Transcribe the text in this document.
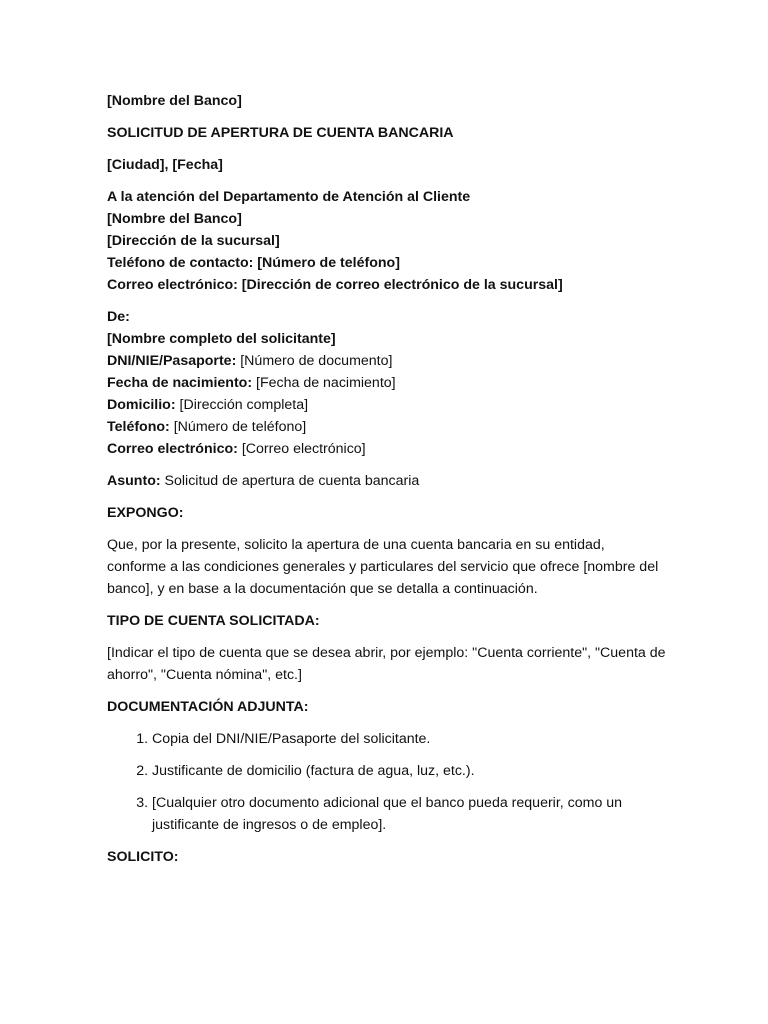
[Nombre del Banco]

SOLICITUD DE APERTURA DE CUENTA BANCARIA

[Ciudad], [Fecha]

A la atención del Departamento de Atención al Cliente
[Nombre del Banco]
[Dirección de la sucursal]
Teléfono de contacto: [Número de teléfono]
Correo electrónico: [Dirección de correo electrónico de la sucursal]
De:
[Nombre completo del solicitante]
DNI/NIE/Pasaporte: [Número de documento]
Fecha de nacimiento: [Fecha de nacimiento]
Domicilio: [Dirección completa]
Teléfono: [Número de teléfono]
Correo electrónico: [Correo electrónico]

Asunto: Solicitud de apertura de cuenta bancaria

EXPONGO:

Que, por la presente, solicito la apertura de una cuenta bancaria en su entidad, conforme a las condiciones generales y particulares del servicio que ofrece [nombre del banco], y en base a la documentación que se detalla a continuación.

TIPO DE CUENTA SOLICITADA:

[Indicar el tipo de cuenta que se desea abrir, por ejemplo: "Cuenta corriente", "Cuenta de ahorro", "Cuenta nómina", etc.]

DOCUMENTACIÓN ADJUNTA:

1. Copia del DNI/NIE/Pasaporte del solicitante.
2. Justificante de domicilio (factura de agua, luz, etc.).
3. [Cualquier otro documento adicional que el banco pueda requerir, como un justificante de ingresos o de empleo].

SOLICITO:
